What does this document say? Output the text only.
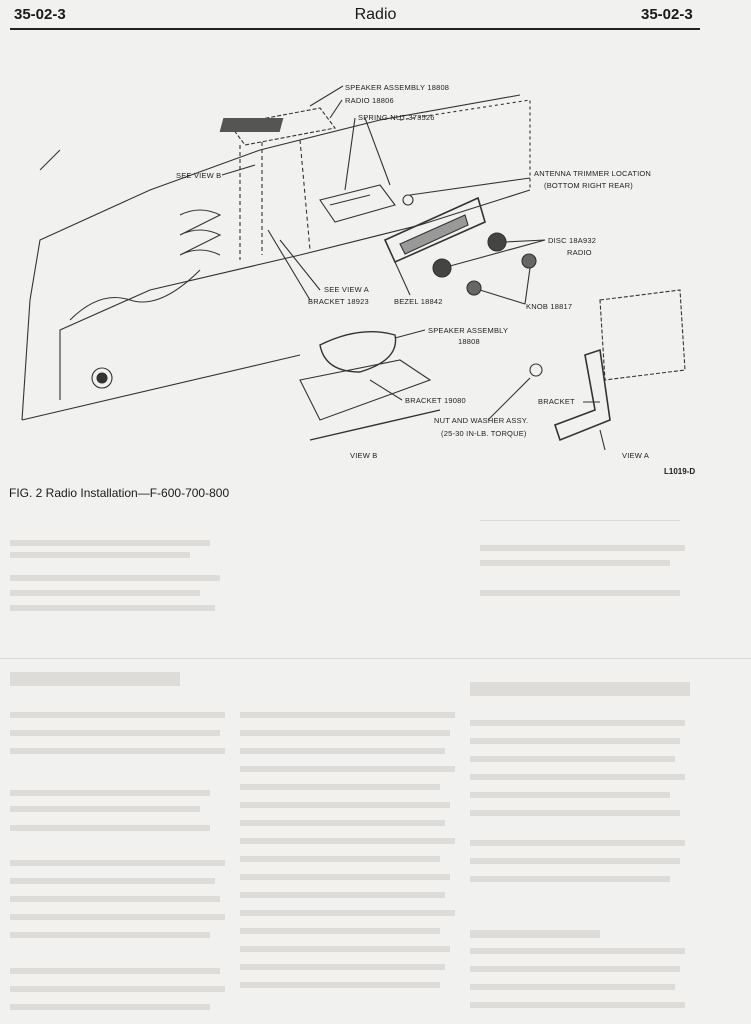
35-02-3	Radio	35-02-3
SPEAKER ASSEMBLY 18808
RADIO 18806
SPRING NUT 373526
SEE VIEW B	ANTENNA TRIMMER LOCATION
(BOTTOM RIGHT REAR)
DISC 18A932
RADIO
SEE VIEW A
BRACKET 18923	BEZEL 18842
KNOB 18817
SPEAKER ASSEMBLY
18808
BRACKET 19080	BRACKET
NUT AND WASHER ASSY.
(25-30 IN-LB. TORQUE)
VIEW B	VIEW A
L1019-D
FIG. 2 Radio Installation—F-600-700-800
